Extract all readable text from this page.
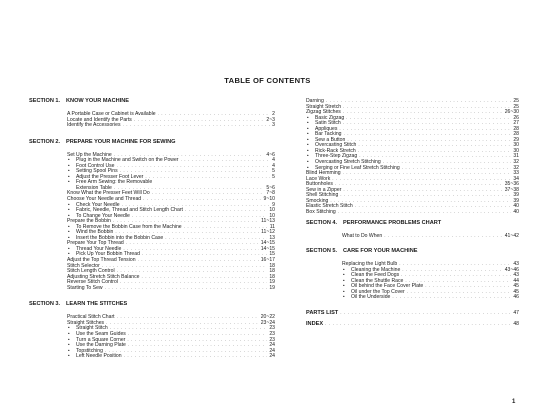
TABLE OF CONTENTS
SECTION 1. KNOW YOUR MACHINE
A Portable Case or Cabinet is Available . . .	2
Locate and Identify the Parts . . .	2~3
Identify the Accessories . . .	3
SECTION 2. PREPARE YOUR MACHINE FOR SEWING
Set Up the Machine . . .	4~6
• Plug in the Machine and Switch on the Power . . .	4
• Foot Control Use . . .	4
• Setting Spool Pins . . .	5
• Adjust the Presser Foot Lever . . .	5
• Free Arm Sewing: the Removable
Extension Table . . .	5~6
Know What the Presser Feet Will Do . . .	7~8
Choose Your Needle and Thread . . .	9~10
• Check Your Needle . . .	9
• Fabric, Needle, Thread and Stitch Length Chart . . .	10
• To Change Your Needle . . .	10
Prepare the Bobbin . . .	11~13
• To Remove the Bobbin Case from the Machine . . .	11
• Wind the Bobbin . . .	11~12
• Insert the Bobbin into the Bobbin Case . . .	13
Prepare Your Top Thread . . .	14~15
• Thread Your Needle . . .	14~15
• Pick Up Your Bobbin Thread . . .	15
Adjust the Top Thread Tension . . .	16~17
Stitch Selector . . .	18
Stitch Length Control . . .	18
Adjusting Stretch Stitch Balance . . .	18
Reverse Stitch Control . . .	19
Starting To Sew . . .	19
SECTION 3. LEARN THE STITCHES
Practical Stitch Chart . . .	20~22
Straight Stitches . . .	23~24
• Straight Stitch . . .	23
• Use the Seam Guides . . .	23
• Turn a Square Corner . . .	23
• Use the Darning Plate . . .	24
• Topstitching . . .	24
• Left Needle Position . . .	24
Darning . . .	25
Straight Stretch . . .	25
Zigzag Stitches . . .	26~30
• Basic Zigzag . . .	26
• Satin Stitch . . .	27
• Appliques . . .	28
• Bar Tacking . . .	28
• Sew a Button . . .	29
• Overcasting Stitch . . .	30
• Rick-Rack Stretch . . .	30
• Three-Step Zigzag . . .	31
• Overcasting Stretch Stitching . . .	32
• Serging or Fine Leaf Stretch Stitching . . .	32
Blind Hemming . . .	33
Lace Work . . .	34
Buttonholes . . .	35~36
Sew in a Zipper . . .	37~38
Shell Stitching . . .	39
Smocking . . .	39
Elastic Stretch Stitch . . .	40
Box Stitching . . .	40
SECTION 4. PERFORMANCE PROBLEMS CHART
What to Do When . . .	41~42
SECTION 5. CARE FOR YOUR MACHINE
Replacing the Light Bulb . . .	43
• Cleaning the Machine . . .	43~46
• Clean the Feed Dogs . . .	43
• Clean the Shuttle Race . . .	44
• Oil behind the Face Cover Plate . . .	45
• Oil under the Top Cover . . .	45
• Oil the Underside . . .	46
PARTS LIST . . .	47
INDEX . . .	48
1
